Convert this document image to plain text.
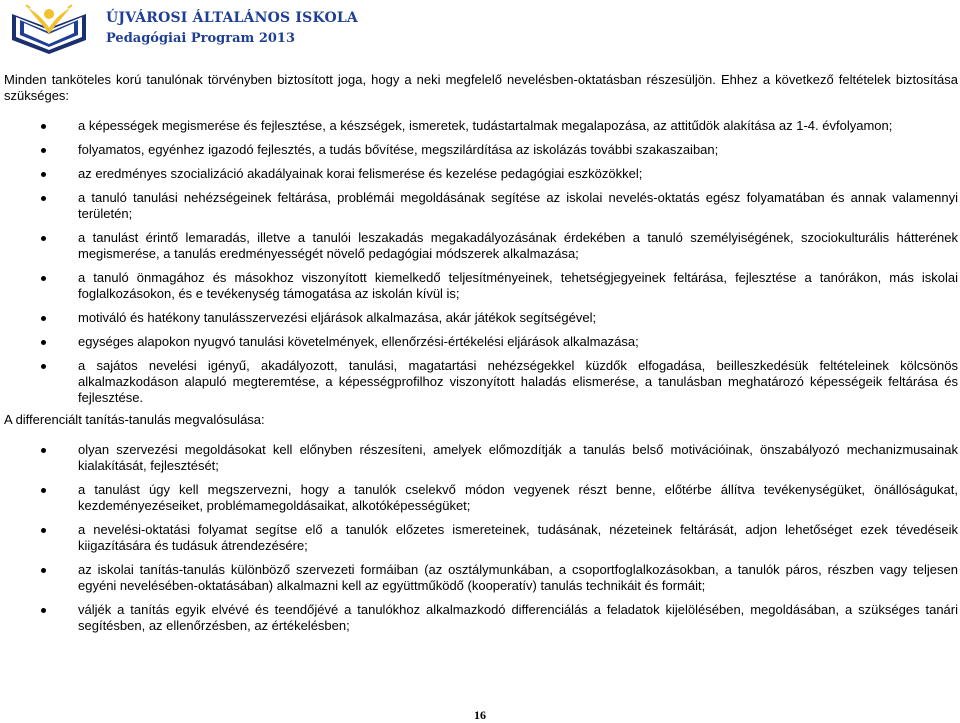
ÚJVÁROSI ÁLTALÁNOS ISKOLA
Pedagógiai Program 2013

Minden tanköteles korú tanulónak törvényben biztosított joga, hogy a neki megfelelő nevelésben-oktatásban részesüljön. Ehhez a következő feltételek biztosítása szükséges:

a képességek megismerése és fejlesztése, a készségek, ismeretek, tudástartalmak megalapozása, az attitűdök alakítása az 1-4. évfolyamon;
folyamatos, egyénhez igazodó fejlesztés, a tudás bővítése, megszilárdítása az iskolázás további szakaszaiban;
az eredményes szocializáció akadályainak korai felismerése és kezelése pedagógiai eszközökkel;
a tanuló tanulási nehézségeinek feltárása, problémái megoldásának segítése az iskolai nevelés-oktatás egész folyamatában és annak valamennyi területén;
a tanulást érintő lemaradás, illetve a tanulói leszakadás megakadályozásának érdekében a tanuló személyiségének, szociokulturális hátterének megismerése, a tanulás eredményességét növelő pedagógiai módszerek alkalmazása;
a tanuló önmagához és másokhoz viszonyított kiemelkedő teljesítményeinek, tehetségjegyeinek feltárása, fejlesztése a tanórákon, más iskolai foglalkozásokon, és e tevékenység támogatása az iskolán kívül is;
motiváló és hatékony tanulásszervezési eljárások alkalmazása, akár játékok segítségével;
egységes alapokon nyugvó tanulási követelmények, ellenőrzési-értékelési eljárások alkalmazása;
a sajátos nevelési igényű, akadályozott, tanulási, magatartási nehézségekkel küzdők elfogadása, beilleszkedésük feltételeinek kölcsönös alkalmazkodáson alapuló megteremtése, a képességprofilhoz viszonyított haladás elismerése, a tanulásban meghatározó képességeik feltárása és fejlesztése.

A differenciált tanítás-tanulás megvalósulása:

olyan szervezési megoldásokat kell előnyben részesíteni, amelyek előmozdítják a tanulás belső motivációinak, önszabályozó mechanizmusainak kialakítását, fejlesztését;
a tanulást úgy kell megszervezni, hogy a tanulók cselekvő módon vegyenek részt benne, előtérbe állítva tevékenységüket, önállóságukat, kezdeményezéseiket, problémamegoldásaikat, alkotóképességüket;
a nevelési-oktatási folyamat segítse elő a tanulók előzetes ismereteinek, tudásának, nézeteinek feltárását, adjon lehetőséget ezek tévedéseik kiigazítására és tudásuk átrendezésére;
az iskolai tanítás-tanulás különböző szervezeti formáiban (az osztálymunkában, a csoportfoglalkozásokban, a tanulók páros, részben vagy teljesen egyéni nevelésében-oktatásában) alkalmazni kell az együttműködő (kooperatív) tanulás technikáit és formáit;
váljék a tanítás egyik elvévé és teendőjévé a tanulókhoz alkalmazkodó differenciálás a feladatok kijelölésében, megoldásában, a szükséges tanári segítésben, az ellenőrzésben, az értékelésben;
16
